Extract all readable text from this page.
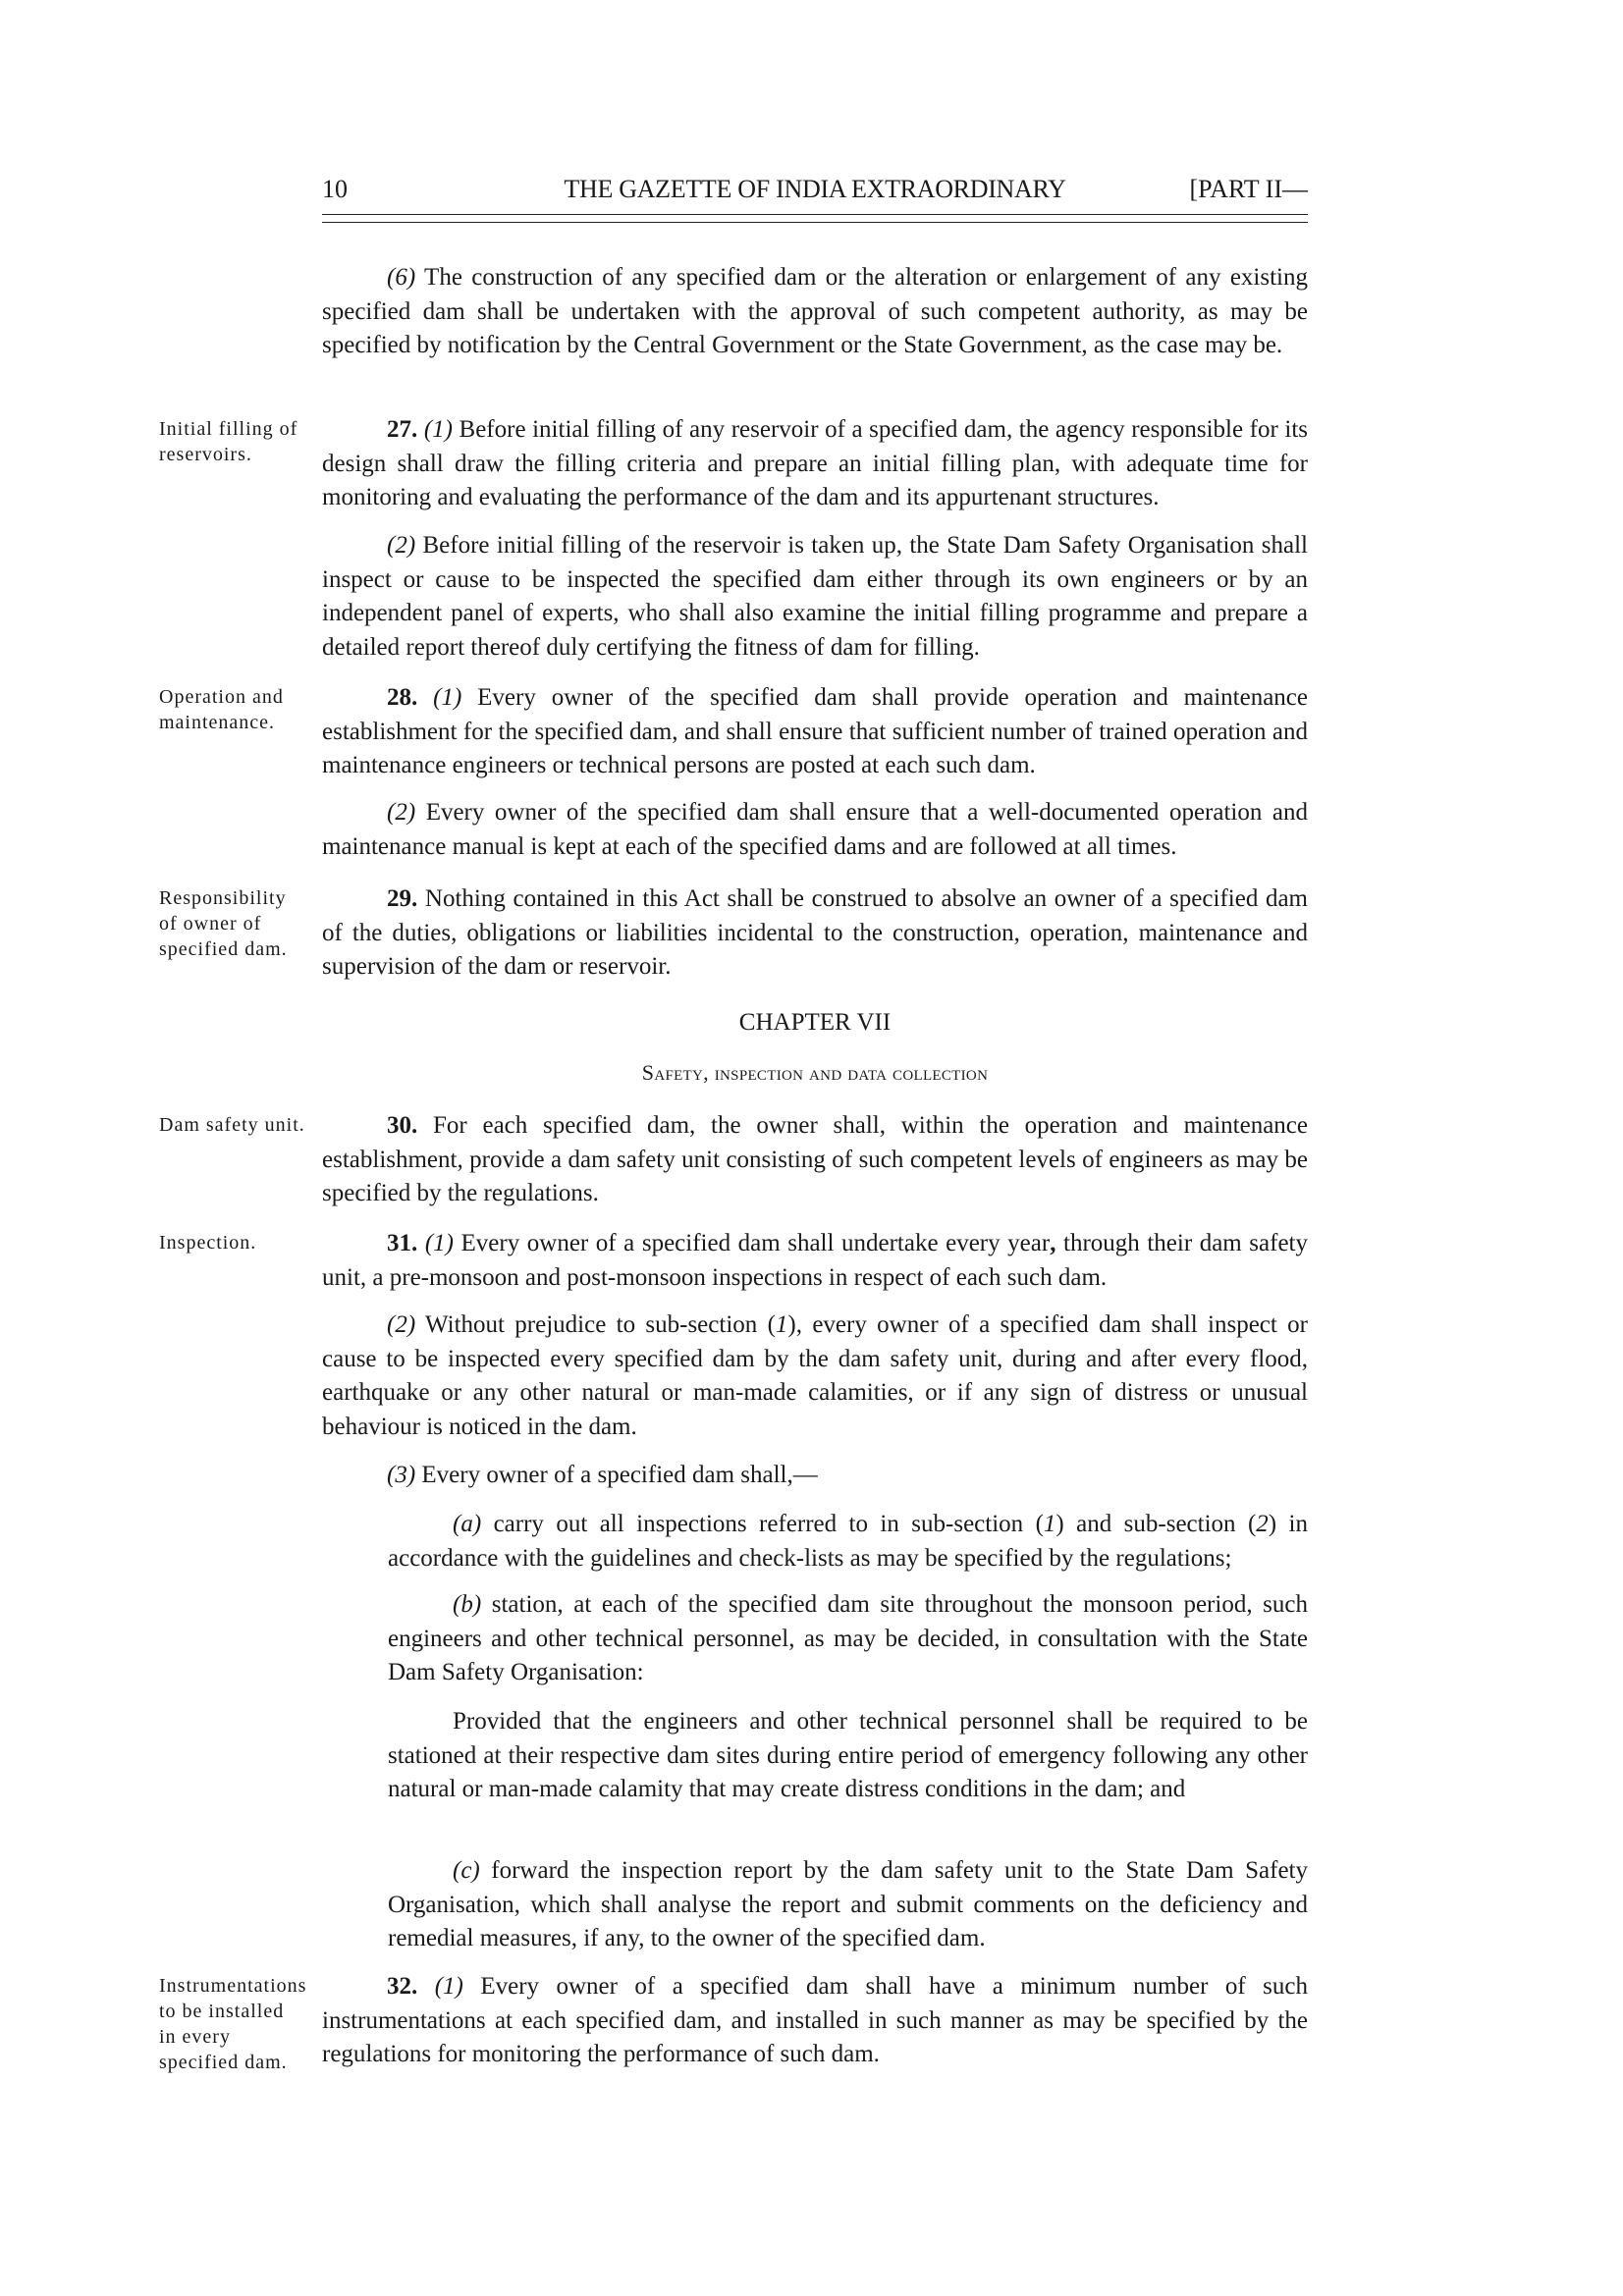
10	THE GAZETTE OF INDIA EXTRAORDINARY	[PART II—

(6) The construction of any specified dam or the alteration or enlargement of any existing specified dam shall be undertaken with the approval of such competent authority, as may be specified by notification by the Central Government or the State Government, as the case may be.

Initial filling of reservoirs.

27. (1) Before initial filling of any reservoir of a specified dam, the agency responsible for its design shall draw the filling criteria and prepare an initial filling plan, with adequate time for monitoring and evaluating the performance of the dam and its appurtenant structures.

(2) Before initial filling of the reservoir is taken up, the State Dam Safety Organisation shall inspect or cause to be inspected the specified dam either through its own engineers or by an independent panel of experts, who shall also examine the initial filling programme and prepare a detailed report thereof duly certifying the fitness of dam for filling.

Operation and maintenance.

28. (1) Every owner of the specified dam shall provide operation and maintenance establishment for the specified dam, and shall ensure that sufficient number of trained operation and maintenance engineers or technical persons are posted at each such dam.

(2) Every owner of the specified dam shall ensure that a well-documented operation and maintenance manual is kept at each of the specified dams and are followed at all times.

Responsibility of owner of specified dam.

29. Nothing contained in this Act shall be construed to absolve an owner of a specified dam of the duties, obligations or liabilities incidental to the construction, operation, maintenance and supervision of the dam or reservoir.

CHAPTER VII

Safety, inspection and data collection

Dam safety unit.	30. For each specified dam, the owner shall, within the operation and maintenance establishment, provide a dam safety unit consisting of such competent levels of engineers as may be specified by the regulations.

Inspection.	31. (1) Every owner of a specified dam shall undertake every year, through their dam safety unit, a pre-monsoon and post-monsoon inspections in respect of each such dam.

(2) Without prejudice to sub-section (1), every owner of a specified dam shall inspect or cause to be inspected every specified dam by the dam safety unit, during and after every flood, earthquake or any other natural or man-made calamities, or if any sign of distress or unusual behaviour is noticed in the dam.

(3) Every owner of a specified dam shall,—

(a) carry out all inspections referred to in sub-section (1) and sub-section (2) in accordance with the guidelines and check-lists as may be specified by the regulations;

(b) station, at each of the specified dam site throughout the monsoon period, such engineers and other technical personnel, as may be decided, in consultation with the State Dam Safety Organisation:

Provided that the engineers and other technical personnel shall be required to be stationed at their respective dam sites during entire period of emergency following any other natural or man-made calamity that may create distress conditions in the dam; and

(c) forward the inspection report by the dam safety unit to the State Dam Safety Organisation, which shall analyse the report and submit comments on the deficiency and remedial measures, if any, to the owner of the specified dam.

Instrumentations to be installed in every specified dam.

32. (1) Every owner of a specified dam shall have a minimum number of such instrumentations at each specified dam, and installed in such manner as may be specified by the regulations for monitoring the performance of such dam.
